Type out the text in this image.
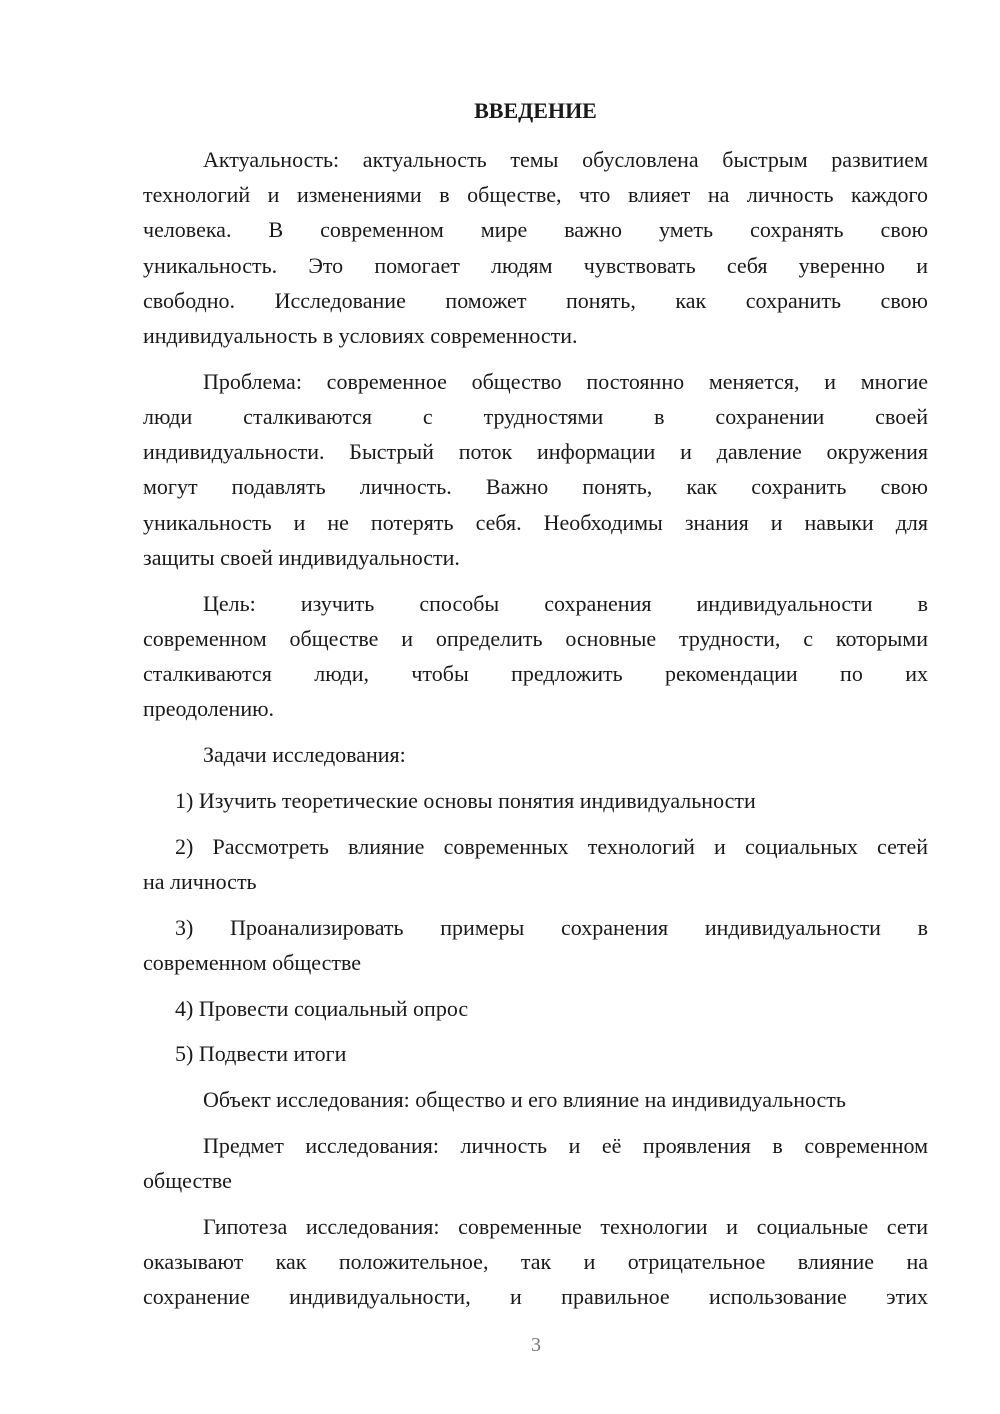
ВВЕДЕНИЕ
Актуальность: актуальность темы обусловлена быстрым развитием
технологий и изменениями в обществе, что влияет на личность каждого
человека. В современном мире важно уметь сохранять свою
уникальность. Это помогает людям чувствовать себя уверенно и
свободно. Исследование поможет понять, как сохранить свою
индивидуальность в условиях современности.
Проблема: современное общество постоянно меняется, и многие
люди сталкиваются с трудностями в сохранении своей
индивидуальности. Быстрый поток информации и давление окружения
могут подавлять личность. Важно понять, как сохранить свою
уникальность и не потерять себя. Необходимы знания и навыки для
защиты своей индивидуальности.
Цель: изучить способы сохранения индивидуальности в
современном обществе и определить основные трудности, с которыми
сталкиваются люди, чтобы предложить рекомендации по их
преодолению.
Задачи исследования:
1) Изучить теоретические основы понятия индивидуальности
2) Рассмотреть влияние современных технологий и социальных сетей
на личность
3) Проанализировать примеры сохранения индивидуальности в
современном обществе
4) Провести социальный опрос
5) Подвести итоги
Объект исследования: общество и его влияние на индивидуальность
Предмет исследования: личность и её проявления в современном
обществе
Гипотеза исследования: современные технологии и социальные сети
оказывают как положительное, так и отрицательное влияние на
сохранение индивидуальности, и правильное использование этих
3
